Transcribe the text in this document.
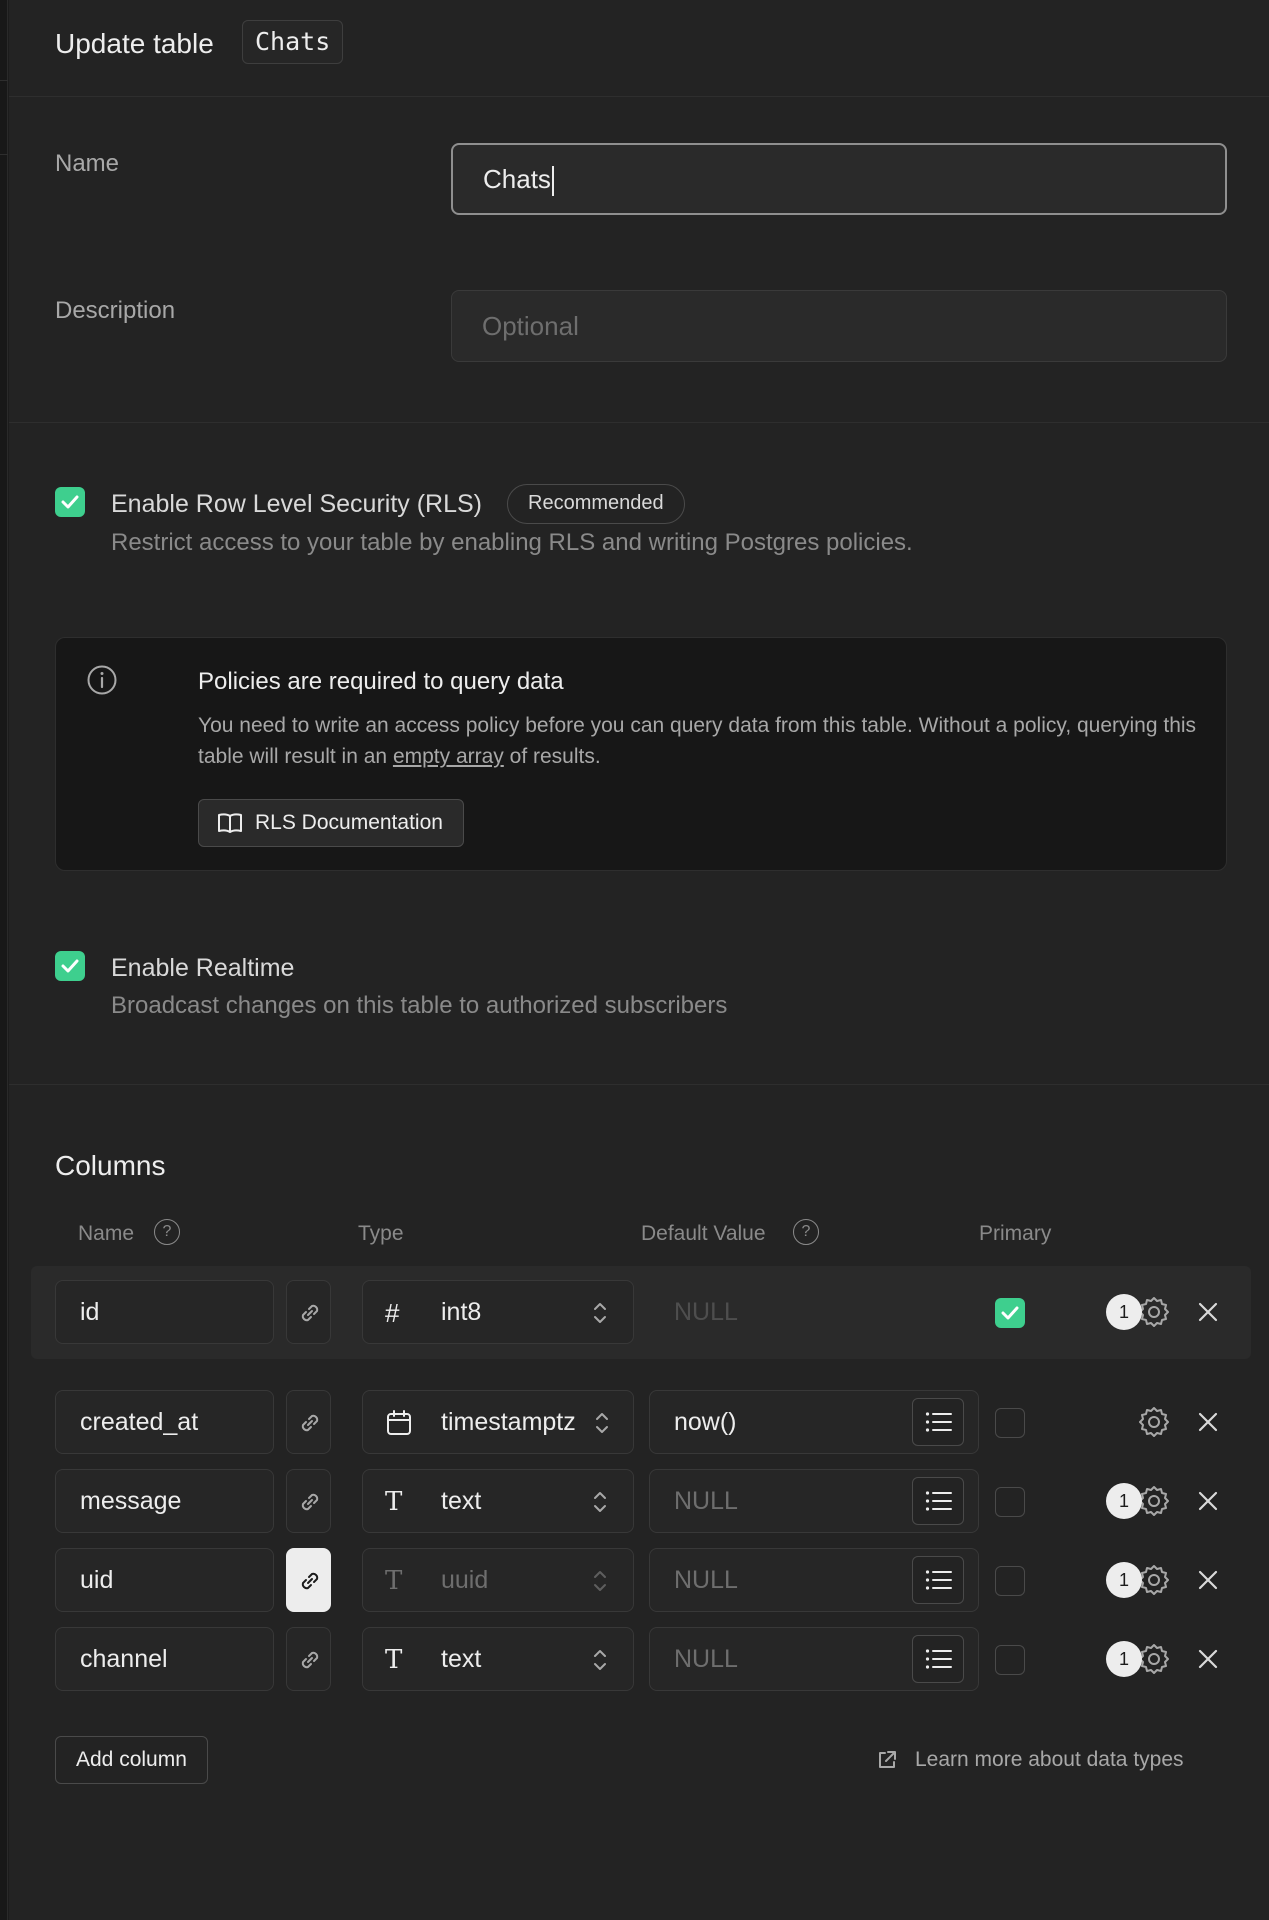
Update table	Chats
Name
Chats
Description
Optional
Enable Row Level Security (RLS)	Recommended
Restrict access to your table by enabling RLS and writing Postgres policies.
Policies are required to query data
You need to write an access policy before you can query data from this table. Without a policy, querying this table will result in an empty array of results.
RLS Documentation
Enable Realtime
Broadcast changes on this table to authorized subscribers
Columns
Name	?	Type	Default Value	?	Primary
id	# int8	NULL	1
created_at	timestamptz	now()
message	T text	NULL	1
uid	T uuid	NULL	1
channel	T text	NULL	1
Add column	Learn more about data types
